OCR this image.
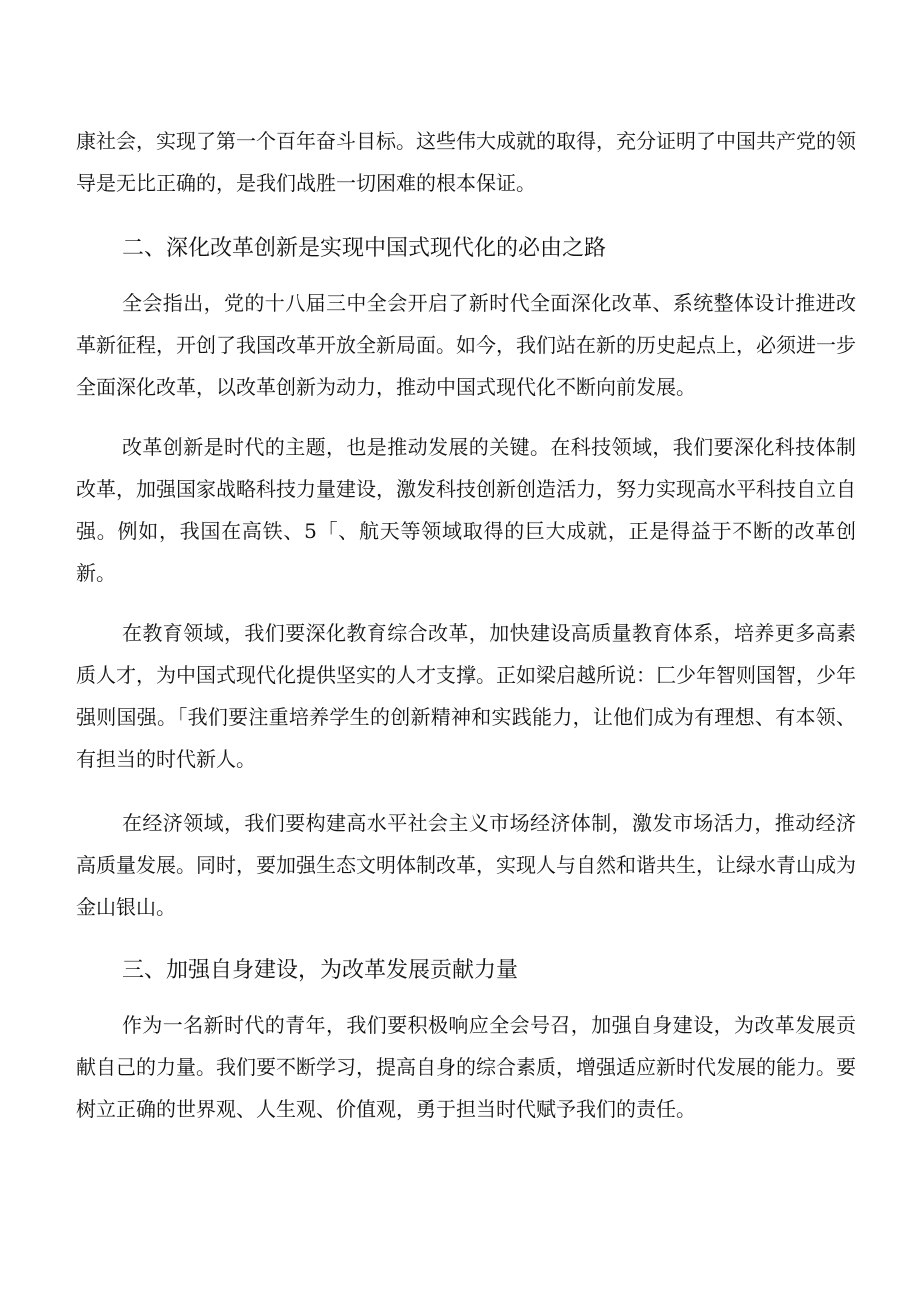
康社会，实现了第一个百年奋斗目标。这些伟大成就的取得，充分证明了中国共产党的领导是无比正确的，是我们战胜一切困难的根本保证。

二、深化改革创新是实现中国式现代化的必由之路

全会指出，党的十八届三中全会开启了新时代全面深化改革、系统整体设计推进改革新征程，开创了我国改革开放全新局面。如今，我们站在新的历史起点上，必须进一步全面深化改革，以改革创新为动力，推动中国式现代化不断向前发展。

改革创新是时代的主题，也是推动发展的关键。在科技领域，我们要深化科技体制改革，加强国家战略科技力量建设，激发科技创新创造活力，努力实现高水平科技自立自强。例如，我国在高铁、5「、航天等领域取得的巨大成就，正是得益于不断的改革创新。

在教育领域，我们要深化教育综合改革，加快建设高质量教育体系，培养更多高素质人才，为中国式现代化提供坚实的人才支撑。正如梁启越所说：匚少年智则国智，少年强则国强。「我们要注重培养学生的创新精神和实践能力，让他们成为有理想、有本领、有担当的时代新人。

在经济领域，我们要构建高水平社会主义市场经济体制，激发市场活力，推动经济高质量发展。同时，要加强生态文明体制改革，实现人与自然和谐共生，让绿水青山成为金山银山。

三、加强自身建设，为改革发展贡献力量

作为一名新时代的青年，我们要积极响应全会号召，加强自身建设，为改革发展贡献自己的力量。我们要不断学习，提高自身的综合素质，增强适应新时代发展的能力。要树立正确的世界观、人生观、价值观，勇于担当时代赋予我们的责任。
